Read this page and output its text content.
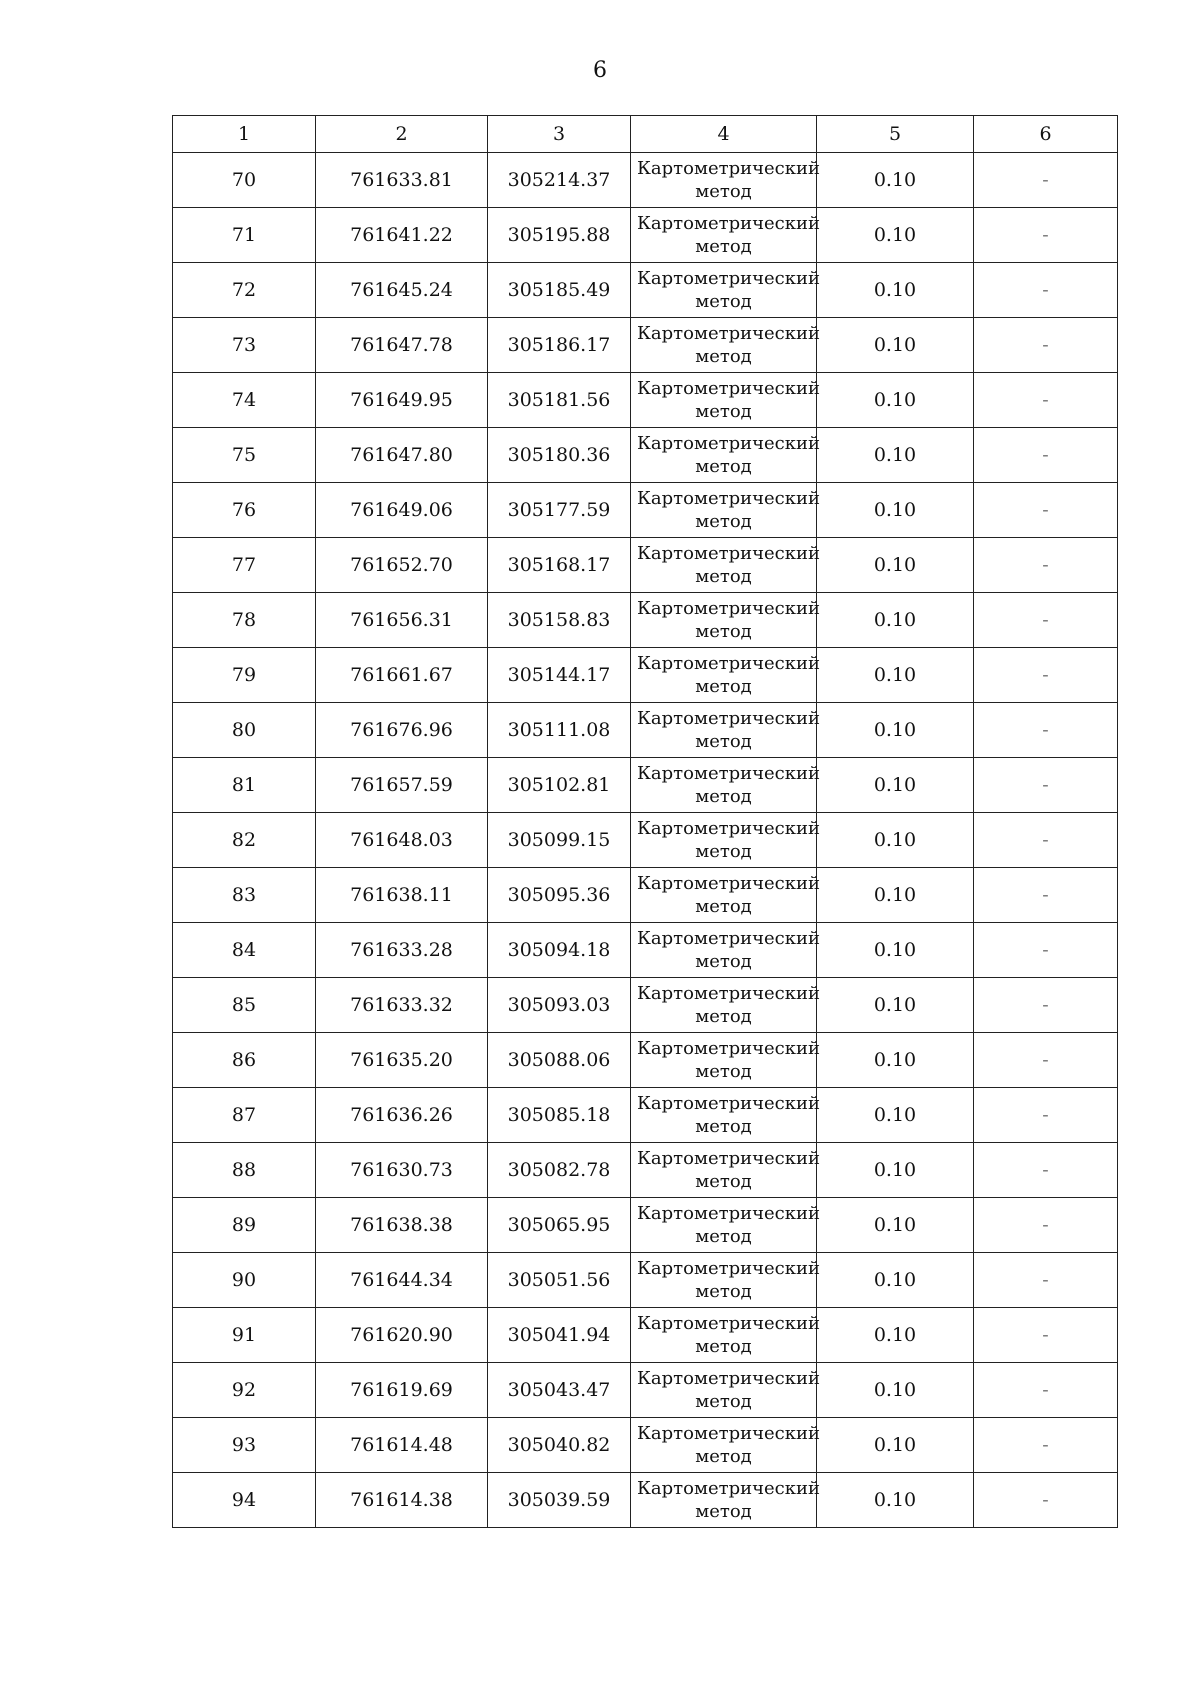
6
1	2	3	4	5	6
70	761633.81	305214.37	Картометрический метод	0.10	-
71	761641.22	305195.88	Картометрический метод	0.10	-
72	761645.24	305185.49	Картометрический метод	0.10	-
73	761647.78	305186.17	Картометрический метод	0.10	-
74	761649.95	305181.56	Картометрический метод	0.10	-
75	761647.80	305180.36	Картометрический метод	0.10	-
76	761649.06	305177.59	Картометрический метод	0.10	-
77	761652.70	305168.17	Картометрический метод	0.10	-
78	761656.31	305158.83	Картометрический метод	0.10	-
79	761661.67	305144.17	Картометрический метод	0.10	-
80	761676.96	305111.08	Картометрический метод	0.10	-
81	761657.59	305102.81	Картометрический метод	0.10	-
82	761648.03	305099.15	Картометрический метод	0.10	-
83	761638.11	305095.36	Картометрический метод	0.10	-
84	761633.28	305094.18	Картометрический метод	0.10	-
85	761633.32	305093.03	Картометрический метод	0.10	-
86	761635.20	305088.06	Картометрический метод	0.10	-
87	761636.26	305085.18	Картометрический метод	0.10	-
88	761630.73	305082.78	Картометрический метод	0.10	-
89	761638.38	305065.95	Картометрический метод	0.10	-
90	761644.34	305051.56	Картометрический метод	0.10	-
91	761620.90	305041.94	Картометрический метод	0.10	-
92	761619.69	305043.47	Картометрический метод	0.10	-
93	761614.48	305040.82	Картометрический метод	0.10	-
94	761614.38	305039.59	Картометрический метод	0.10	-
